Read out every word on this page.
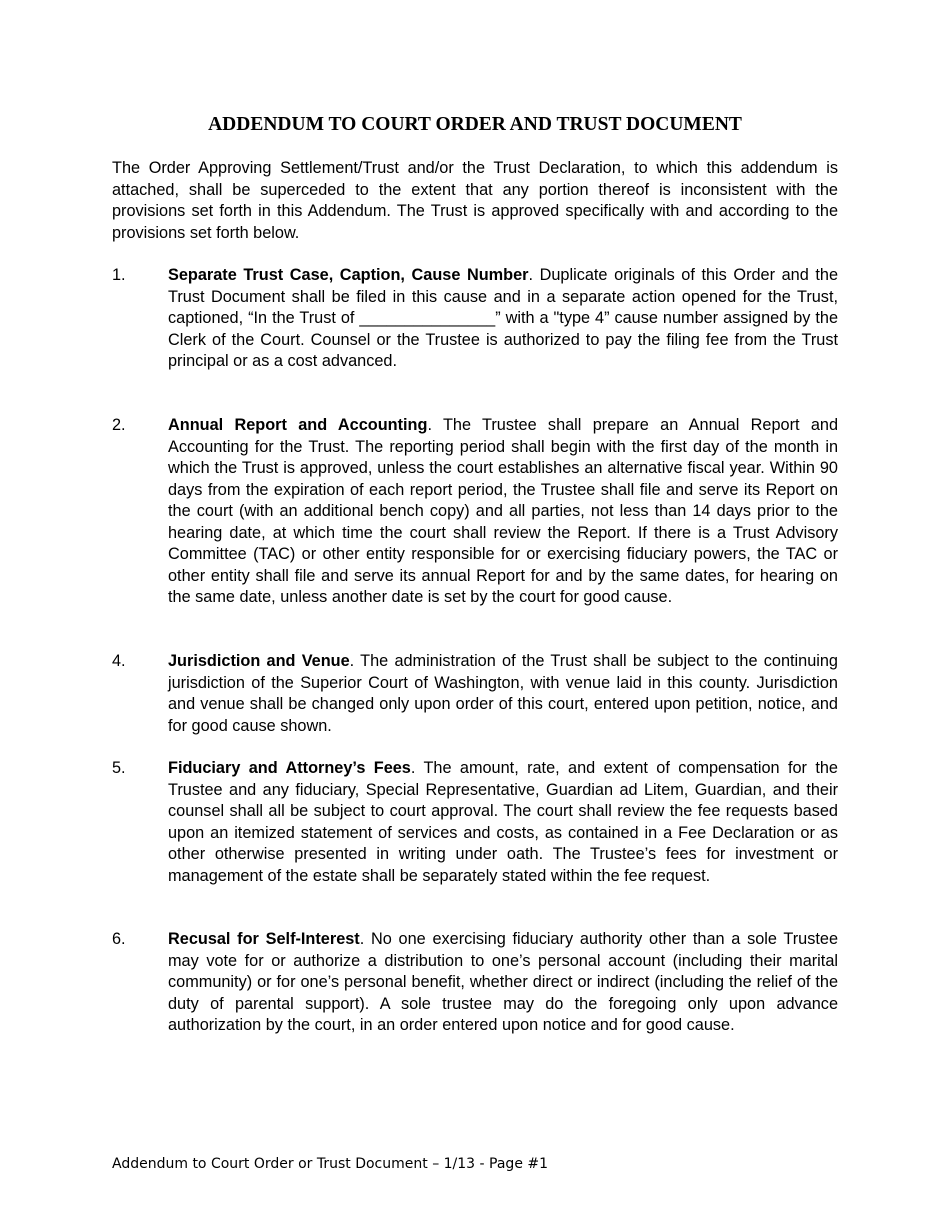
ADDENDUM TO COURT ORDER AND TRUST DOCUMENT
The Order Approving Settlement/Trust and/or the Trust Declaration, to which this addendum is attached, shall be superceded to the extent that any portion thereof is inconsistent with the provisions set forth in this Addendum. The Trust is approved specifically with and according to the provisions set forth below.
1.	Separate Trust Case, Caption, Cause Number. Duplicate originals of this Order and the Trust Document shall be filed in this cause and in a separate action opened for the Trust, captioned, “In the Trust of _______________” with a "type 4” cause number assigned by the Clerk of the Court. Counsel or the Trustee is authorized to pay the filing fee from the Trust principal or as a cost advanced.
2.	Annual Report and Accounting. The Trustee shall prepare an Annual Report and Accounting for the Trust. The reporting period shall begin with the first day of the month in which the Trust is approved, unless the court establishes an alternative fiscal year. Within 90 days from the expiration of each report period, the Trustee shall file and serve its Report on the court (with an additional bench copy) and all parties, not less than 14 days prior to the hearing date, at which time the court shall review the Report. If there is a Trust Advisory Committee (TAC) or other entity responsible for or exercising fiduciary powers, the TAC or other entity shall file and serve its annual Report for and by the same dates, for hearing on the same date, unless another date is set by the court for good cause.
4.	Jurisdiction and Venue. The administration of the Trust shall be subject to the continuing jurisdiction of the Superior Court of Washington, with venue laid in this county. Jurisdiction and venue shall be changed only upon order of this court, entered upon petition, notice, and for good cause shown.
5.	Fiduciary and Attorney’s Fees. The amount, rate, and extent of compensation for the Trustee and any fiduciary, Special Representative, Guardian ad Litem, Guardian, and their counsel shall all be subject to court approval. The court shall review the fee requests based upon an itemized statement of services and costs, as contained in a Fee Declaration or as other otherwise presented in writing under oath. The Trustee’s fees for investment or management of the estate shall be separately stated within the fee request.
6.	Recusal for Self-Interest. No one exercising fiduciary authority other than a sole Trustee may vote for or authorize a distribution to one’s personal account (including their marital community) or for one’s personal benefit, whether direct or indirect (including the relief of the duty of parental support). A sole trustee may do the foregoing only upon advance authorization by the court, in an order entered upon notice and for good cause.
Addendum to Court Order or Trust Document – 1/13 - Page #1
